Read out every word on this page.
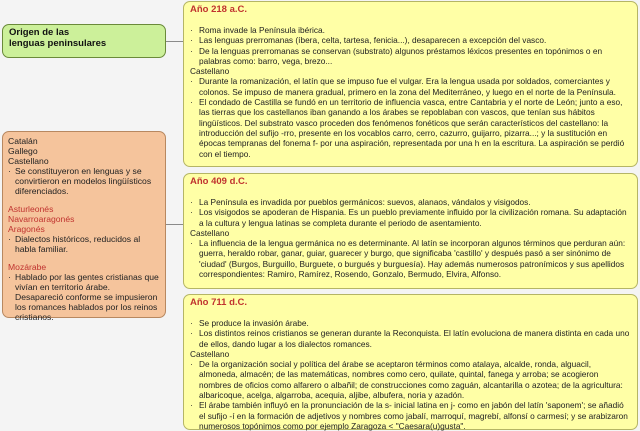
Origen de las
lenguas peninsulares
Catalán
Gallego
Castellano
· Se constituyeron en lenguas y se convirtieron en modelos lingüísticos diferenciados.
Asturleonés
Navarroaragonés
Aragonés
· Dialectos históricos, reducidos al habla familiar.
Mozárabe
· Hablado por las gentes cristianas que vivían en territorio árabe. Desapareció conforme se impusieron los romances hablados por los reinos cristianos.
Año 218 a.C.
· Roma invade la Península ibérica.
· Las lenguas prerromanas (íbera, celta, tartesa, fenicia...), desaparecen a excepción del vasco.
· De la lenguas prerromanas se conservan (substrato) algunos préstamos léxicos presentes en topónimos o en palabras como: barro, vega, brezo...
Castellano
· Durante la romanización, el latín que se impuso fue el vulgar. Era la lengua usada por soldados, comerciantes y colonos. Se impuso de manera gradual, primero en la zona del Mediterráneo, y luego en el norte de la Península.
· El condado de Castilla se fundó en un territorio de influencia vasca, entre Cantabria y el norte de León; junto a eso, las tierras que los castellanos iban ganando a los árabes se repoblaban con vascos, que tenían sus hábitos lingüísticos. Del substrato vasco proceden dos fenómenos fonéticos que serán característicos del castellano: la introducción del sufijo -rro, presente en los vocablos carro, cerro, cazurro, guijarro, pizarra...; y la sustitución en épocas tempranas del fonema f- por una aspiración, representada por una h en la escritura. La aspiración se perdió con el tiempo.
Año 409 d.C.
· La Península es invadida por pueblos germánicos: suevos, alanaos, vándalos y visigodos.
· Los visigodos se apoderan de Hispania. Es un pueblo previamente influido por la civilización romana. Su adaptación a la cultura y lengua latinas se completa durante el periodo de asentamiento.
Castellano
· La influencia de la lengua germánica no es determinante. Al latín se incorporan algunos términos que perduran aún: guerra, heraldo robar, ganar, guiar, guarecer y burgo, que significaba 'castillo' y después pasó a ser sinónimo de 'ciudad' (Burgos, Burguillo, Burguete, o burgués y burguesía). Hay además numerosos patronímicos y sus apellidos correspondientes: Ramiro, Ramírez, Rosendo, Gonzalo, Bermudo, Elvira, Alfonso.
Año 711 d.C.
· Se produce la invasión árabe.
· Los distintos reinos cristianos se generan durante la Reconquista. El latín evoluciona de manera distinta en cada uno de ellos, dando lugar a los dialectos romances.
Castellano
· De la organización social y política del árabe se aceptaron términos como atalaya, alcalde, ronda, alguacil, almoneda, almacén; de las matemáticas, nombres como cero, quilate, quintal, fanega y arroba; se acogieron nombres de oficios como alfarero o albañil; de construcciones como zaguán, alcantarilla o azotea; de la agricultura: albaricoque, acelga, algarroba, acequia, aljibe, albufera, noria y azadón.
· El árabe también influyó en la pronunciación de la s- inicial latina en j- como en jabón del latín 'saponem'; se añadió el sufijo -í en la formación de adjetivos y nombres como jabalí, marroquí, magrebí, alfonsí o carmesí; y se arabizaron numerosos topónimos como por ejemplo Zaragoza < "Caesara(u)gusta".
